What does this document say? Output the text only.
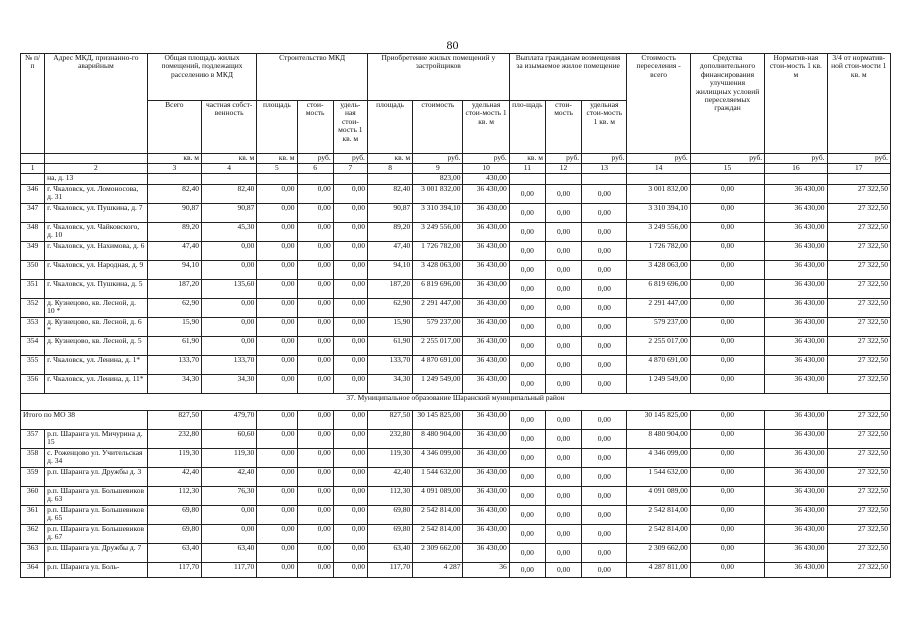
80
№ п/п	Адрес МКД, признанно-го аварийным	Общая площадь жилых помещений, подлежащих расселению в МКД		Строительство МКД			Приобретение жилых помещений у застройщиков			Выплата гражданам возмещения за изымаемое жилое помещение			Стоимость переселения - всего	Средства дополнительного финансирования улучшения жилищных условий переселяемых граждан	Норматив-ная стои-мость 1 кв. м	3/4 от норматив-ной стои-мости 1 кв. м
		Всего	частная собст-венность	площадь	стои-мость	удель-ная стои-мость 1 кв. м	площадь	стоимость	удельная стои-мость 1 кв. м	пло-щадь	стои-мость	удельная стои-мость 1 кв. м				
		кв. м	кв. м	кв. м	руб.	руб.	кв. м	руб.	руб.	кв. м	руб.	руб.	руб.	руб.	руб.	руб.
1	2	3	4	5	6	7	8	9	10	11	12	13	14	15	16	17
	на, д. 13							823,00	430,00							
346	г. Чкаловск, ул. Ломоносова, д. 31	82,40	82,40	0,00	0,00	0,00	82,40	3 001 832,00	36 430,00	0,00	0,00	0,00	3 001 832,00	0,00	36 430,00	27 322,50
347	г. Чкаловск, ул. Пушкина, д. 7	90,87	90,87	0,00	0,00	0,00	90,87	3 310 394,10	36 430,00	0,00	0,00	0,00	3 310 394,10	0,00	36 430,00	27 322,50
348	г. Чкаловск, ул. Чайковского, д. 10	89,20	45,30	0,00	0,00	0,00	89,20	3 249 556,00	36 430,00	0,00	0,00	0,00	3 249 556,00	0,00	36 430,00	27 322,50
349	г. Чкаловск, ул. Нахимова, д. 6	47,40	0,00	0,00	0,00	0,00	47,40	1 726 782,00	36 430,00	0,00	0,00	0,00	1 726 782,00	0,00	36 430,00	27 322,50
350	г. Чкаловск, ул. Народная, д. 9	94,10	0,00	0,00	0,00	0,00	94,10	3 428 063,00	36 430,00	0,00	0,00	0,00	3 428 063,00	0,00	36 430,00	27 322,50
351	г. Чкаловск, ул. Пушкина, д. 5	187,20	135,60	0,00	0,00	0,00	187,20	6 819 696,00	36 430,00	0,00	0,00	0,00	6 819 696,00	0,00	36 430,00	27 322,50
352	д. Кузнецово, кв. Лесной, д. 10 *	62,90	0,00	0,00	0,00	0,00	62,90	2 291 447,00	36 430,00	0,00	0,00	0,00	2 291 447,00	0,00	36 430,00	27 322,50
353	д. Кузнецово, кв. Лесной, д. 6 *	15,90	0,00	0,00	0,00	0,00	15,90	579 237,00	36 430,00	0,00	0,00	0,00	579 237,00	0,00	36 430,00	27 322,50
354	д. Кузнецово, кв. Лесной, д. 5	61,90	0,00	0,00	0,00	0,00	61,90	2 255 017,00	36 430,00	0,00	0,00	0,00	2 255 017,00	0,00	36 430,00	27 322,50
355	г. Чкаловск, ул. Ленина, д. 1*	133,70	133,70	0,00	0,00	0,00	133,70	4 870 691,00	36 430,00	0,00	0,00	0,00	4 870 691,00	0,00	36 430,00	27 322,50
356	г. Чкаловск, ул. Ленина, д. 11*	34,30	34,30	0,00	0,00	0,00	34,30	1 249 549,00	36 430,00	0,00	0,00	0,00	1 249 549,00	0,00	36 430,00	27 322,50
37. Муниципальное образование Шаранский муниципальный район																
Итого по МО 38		827,50	479,70	0,00	0,00	0,00	827,50	30 145 825,00	36 430,00	0,00	0,00	0,00	30 145 825,00	0,00	36 430,00	27 322,50
357	р.п. Шаранга ул. Мичурина д. 15	232,80	60,60	0,00	0,00	0,00	232,80	8 480 904,00	36 430,00	0,00	0,00	0,00	8 480 904,00	0,00	36 430,00	27 322,50
358	с. Роженцово ул. Учительская д. 34	119,30	119,30	0,00	0,00	0,00	119,30	4 346 099,00	36 430,00	0,00	0,00	0,00	4 346 099,00	0,00	36 430,00	27 322,50
359	р.п. Шаранга ул. Дружбы д. 3	42,40	42,40	0,00	0,00	0,00	42,40	1 544 632,00	36 430,00	0,00	0,00	0,00	1 544 632,00	0,00	36 430,00	27 322,50
360	р.п. Шаранга ул. Большевиков д. 63	112,30	76,30	0,00	0,00	0,00	112,30	4 091 089,00	36 430,00	0,00	0,00	0,00	4 091 089,00	0,00	36 430,00	27 322,50
361	р.п. Шаранга ул. Большевиков д. 65	69,80	0,00	0,00	0,00	0,00	69,80	2 542 814,00	36 430,00	0,00	0,00	0,00	2 542 814,00	0,00	36 430,00	27 322,50
362	р.п. Шаранга ул. Большевиков д. 67	69,80	0,00	0,00	0,00	0,00	69,80	2 542 814,00	36 430,00	0,00	0,00	0,00	2 542 814,00	0,00	36 430,00	27 322,50
363	р.п. Шаранга ул. Дружбы д. 7	63,40	63,40	0,00	0,00	0,00	63,40	2 309 662,00	36 430,00	0,00	0,00	0,00	2 309 662,00	0,00	36 430,00	27 322,50
364	р.п. Шаранга ул. Боль-	117,70	117,70	0,00	0,00	0,00	117,70	4 287	36	0,00	0,00	0,00	4 287 811,00	0,00	36 430,00	27 322,50
